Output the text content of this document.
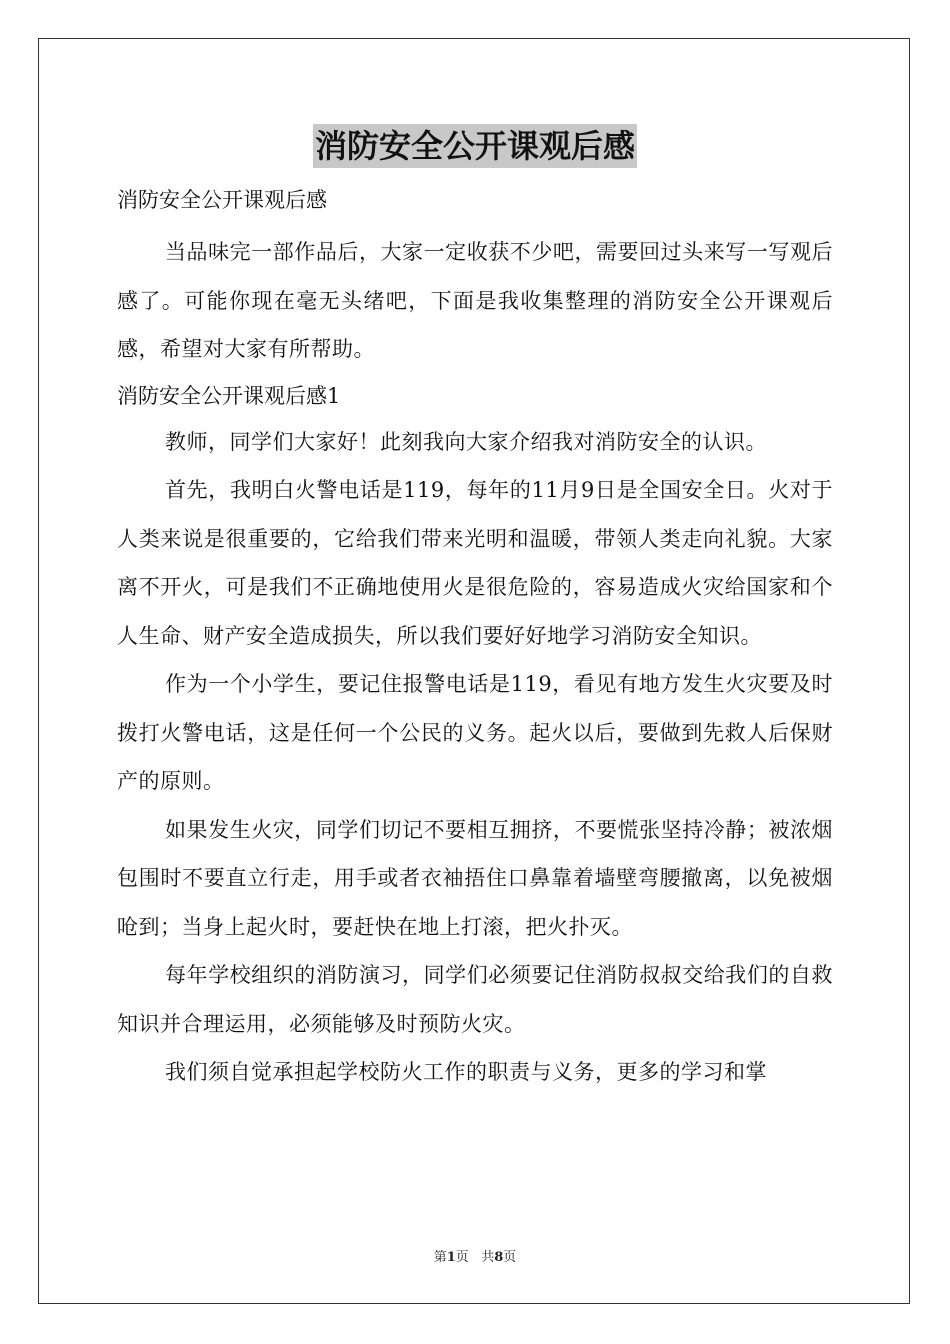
消防安全公开课观后感

消防安全公开课观后感

当品味完一部作品后，大家一定收获不少吧，需要回过头来写一写观后感了。可能你现在毫无头绪吧，下面是我收集整理的消防安全公开课观后感，希望对大家有所帮助。

消防安全公开课观后感1

教师，同学们大家好！此刻我向大家介绍我对消防安全的认识。

首先，我明白火警电话是119，每年的11月9日是全国安全日。火对于人类来说是很重要的，它给我们带来光明和温暖，带领人类走向礼貌。大家离不开火，可是我们不正确地使用火是很危险的，容易造成火灾给国家和个人生命、财产安全造成损失，所以我们要好好地学习消防安全知识。

作为一个小学生，要记住报警电话是119，看见有地方发生火灾要及时拨打火警电话，这是任何一个公民的义务。起火以后，要做到先救人后保财产的原则。

如果发生火灾，同学们切记不要相互拥挤，不要慌张坚持冷静；被浓烟包围时不要直立行走，用手或者衣袖捂住口鼻靠着墙壁弯腰撤离，以免被烟呛到；当身上起火时，要赶快在地上打滚，把火扑灭。

每年学校组织的消防演习，同学们必须要记住消防叔叔交给我们的自救知识并合理运用，必须能够及时预防火灾。

我们须自觉承担起学校防火工作的职责与义务，更多的学习和掌

第1页 共8页
